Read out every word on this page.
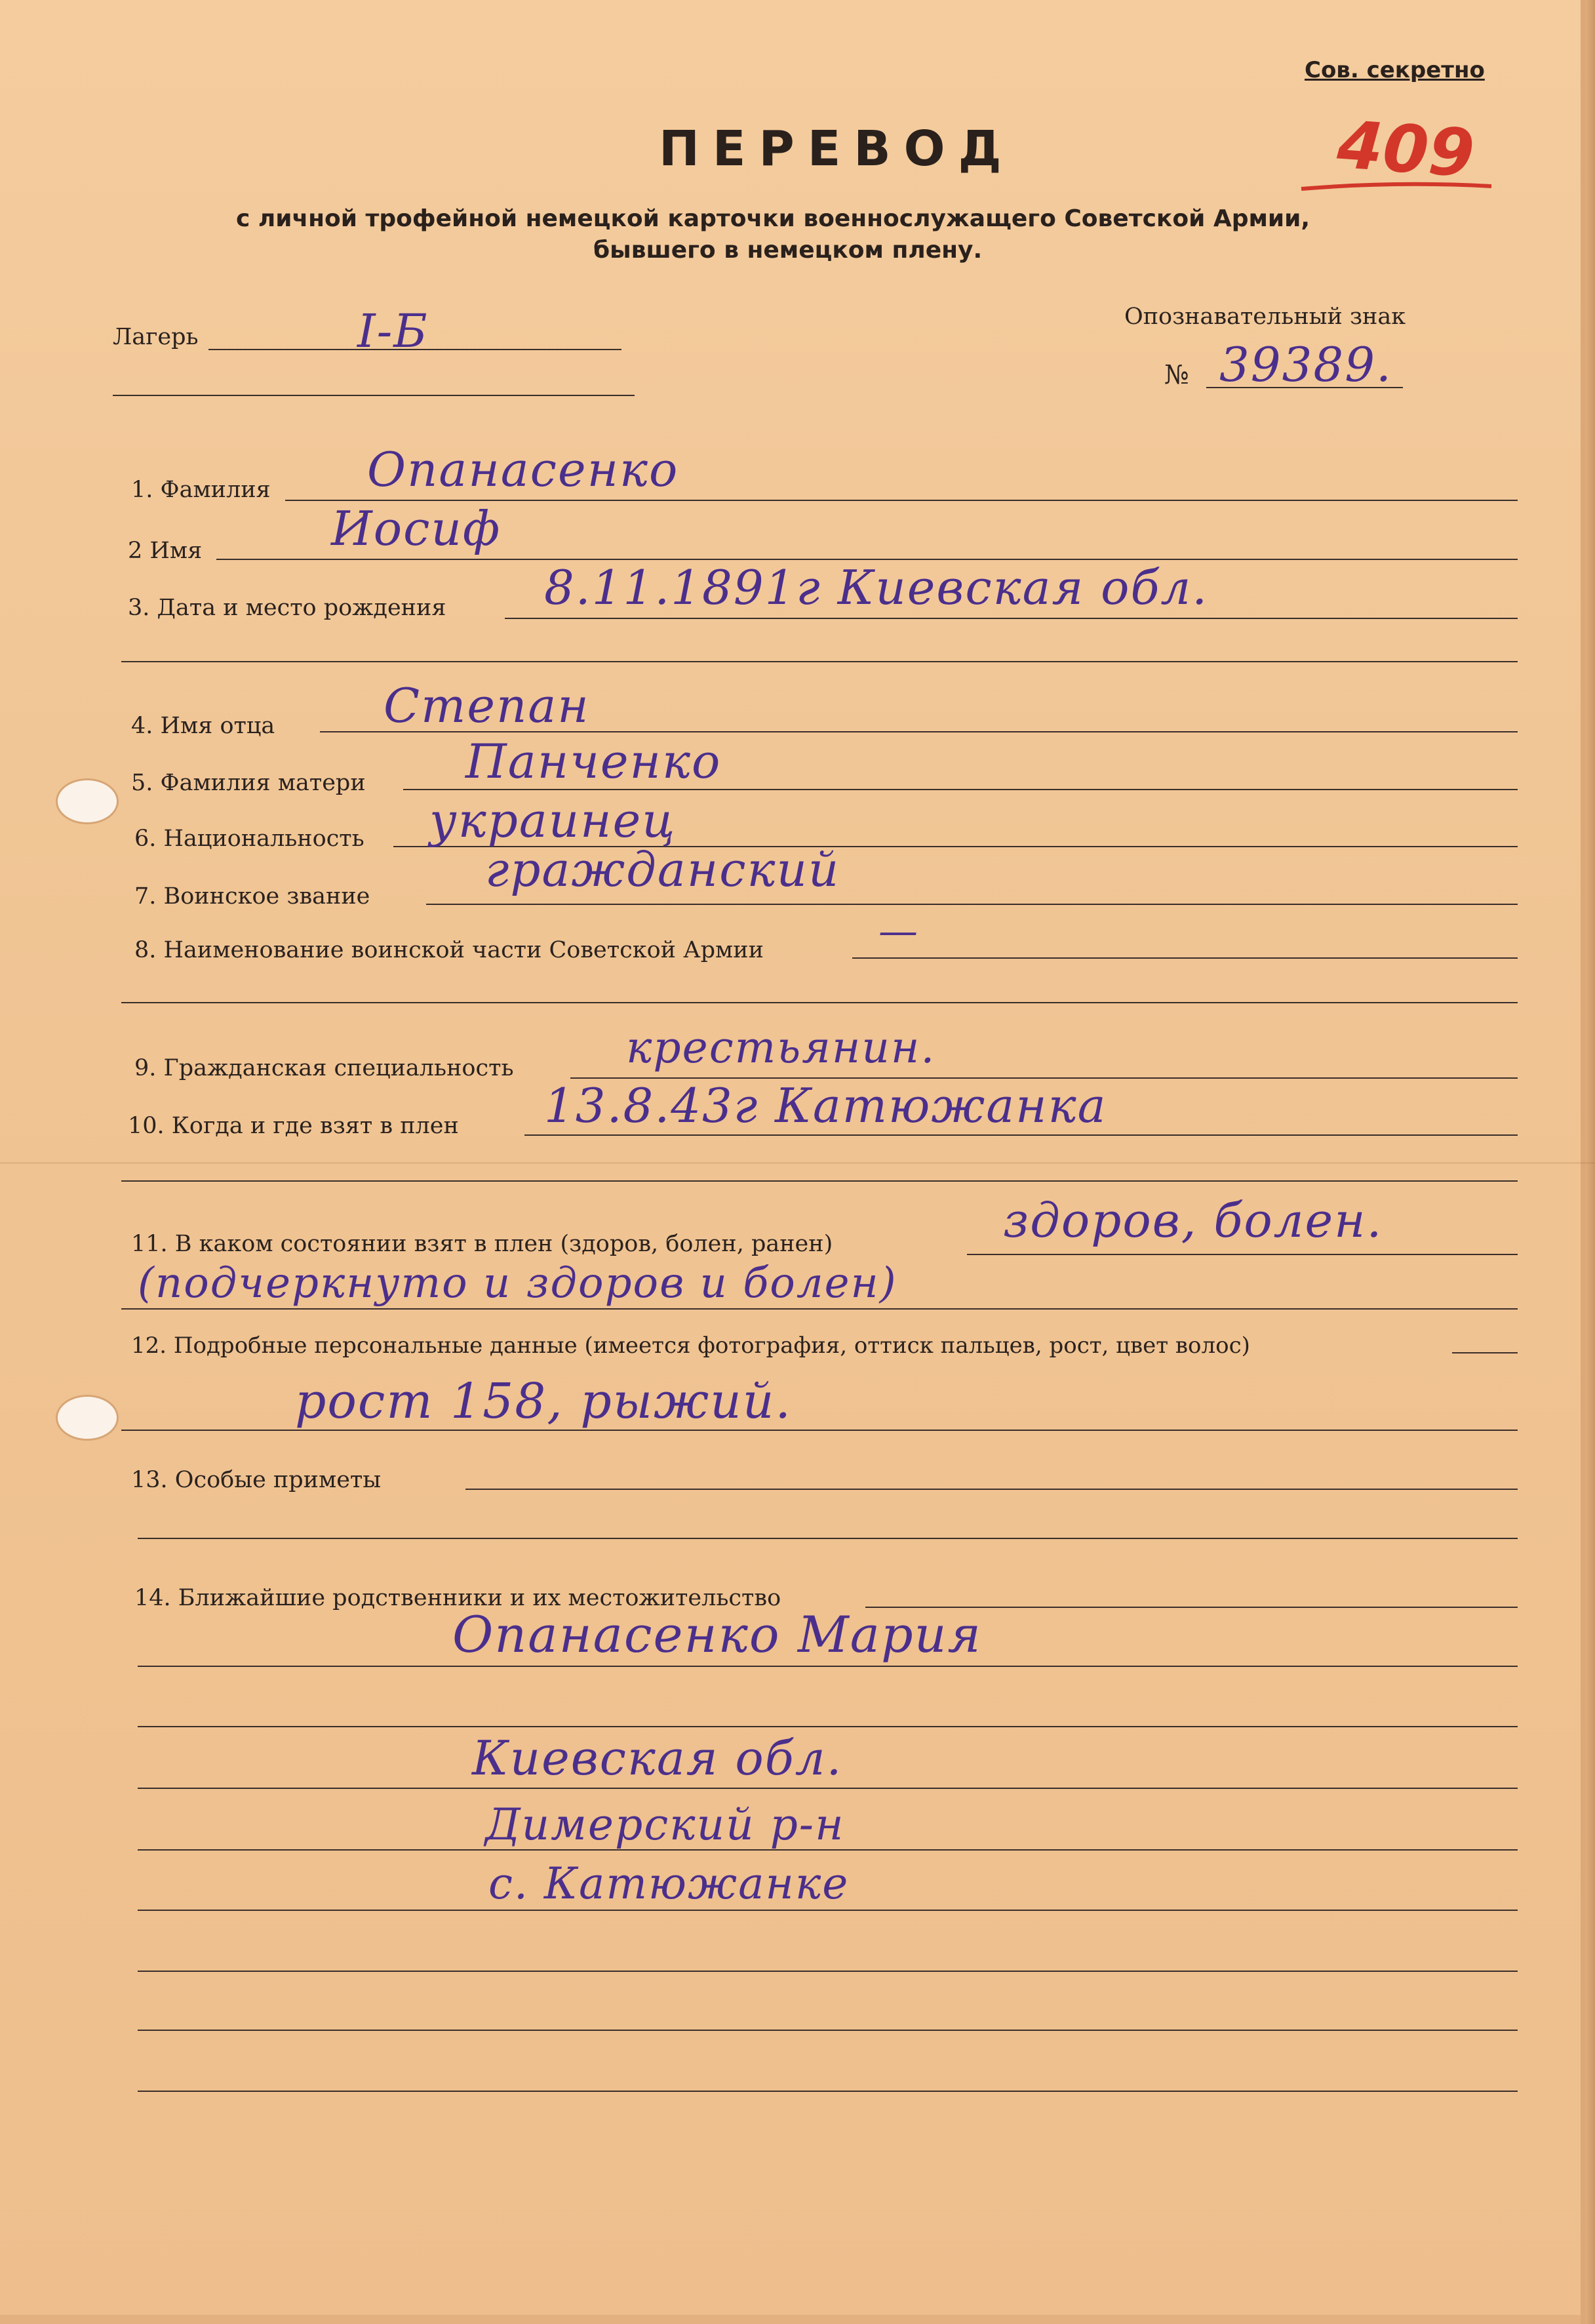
Сов. секретно
409
ПЕРЕВОД
с личной трофейной немецкой карточки военнослужащего Советской Армии,
бывшего в немецком плену.
Лагерь	I-Б	Опознавательный знак
№ 39389.
1. Фамилия Опанасенко
2 Имя	Иосиф
3. Дата и место рождения 8.11.1891г Киевская обл.
4. Имя отца Степан
5. Фамилия матери Панченко
6. Национальность украинец
7. Воинское звание гражданский
8. Наименование воинской части Советской Армии	—
9. Гражданская специальность	крестьянин.
10. Когда и где взят в плен 13.8.43г Катюжанка
11. В каком состоянии взят в плен (здоров, болен, ранен)	здоров, болен.
(подчеркнуто и здоров и болен)
12. Подробные персональные данные (имеется фотография, оттиск пальцев, рост, цвет волос)
рост 158, рыжий.
13. Особые приметы
14. Ближайшие родственники и их местожительство
Опанасенко Мария
Киевская обл.
Димерский р-н
с. Катюжанке
